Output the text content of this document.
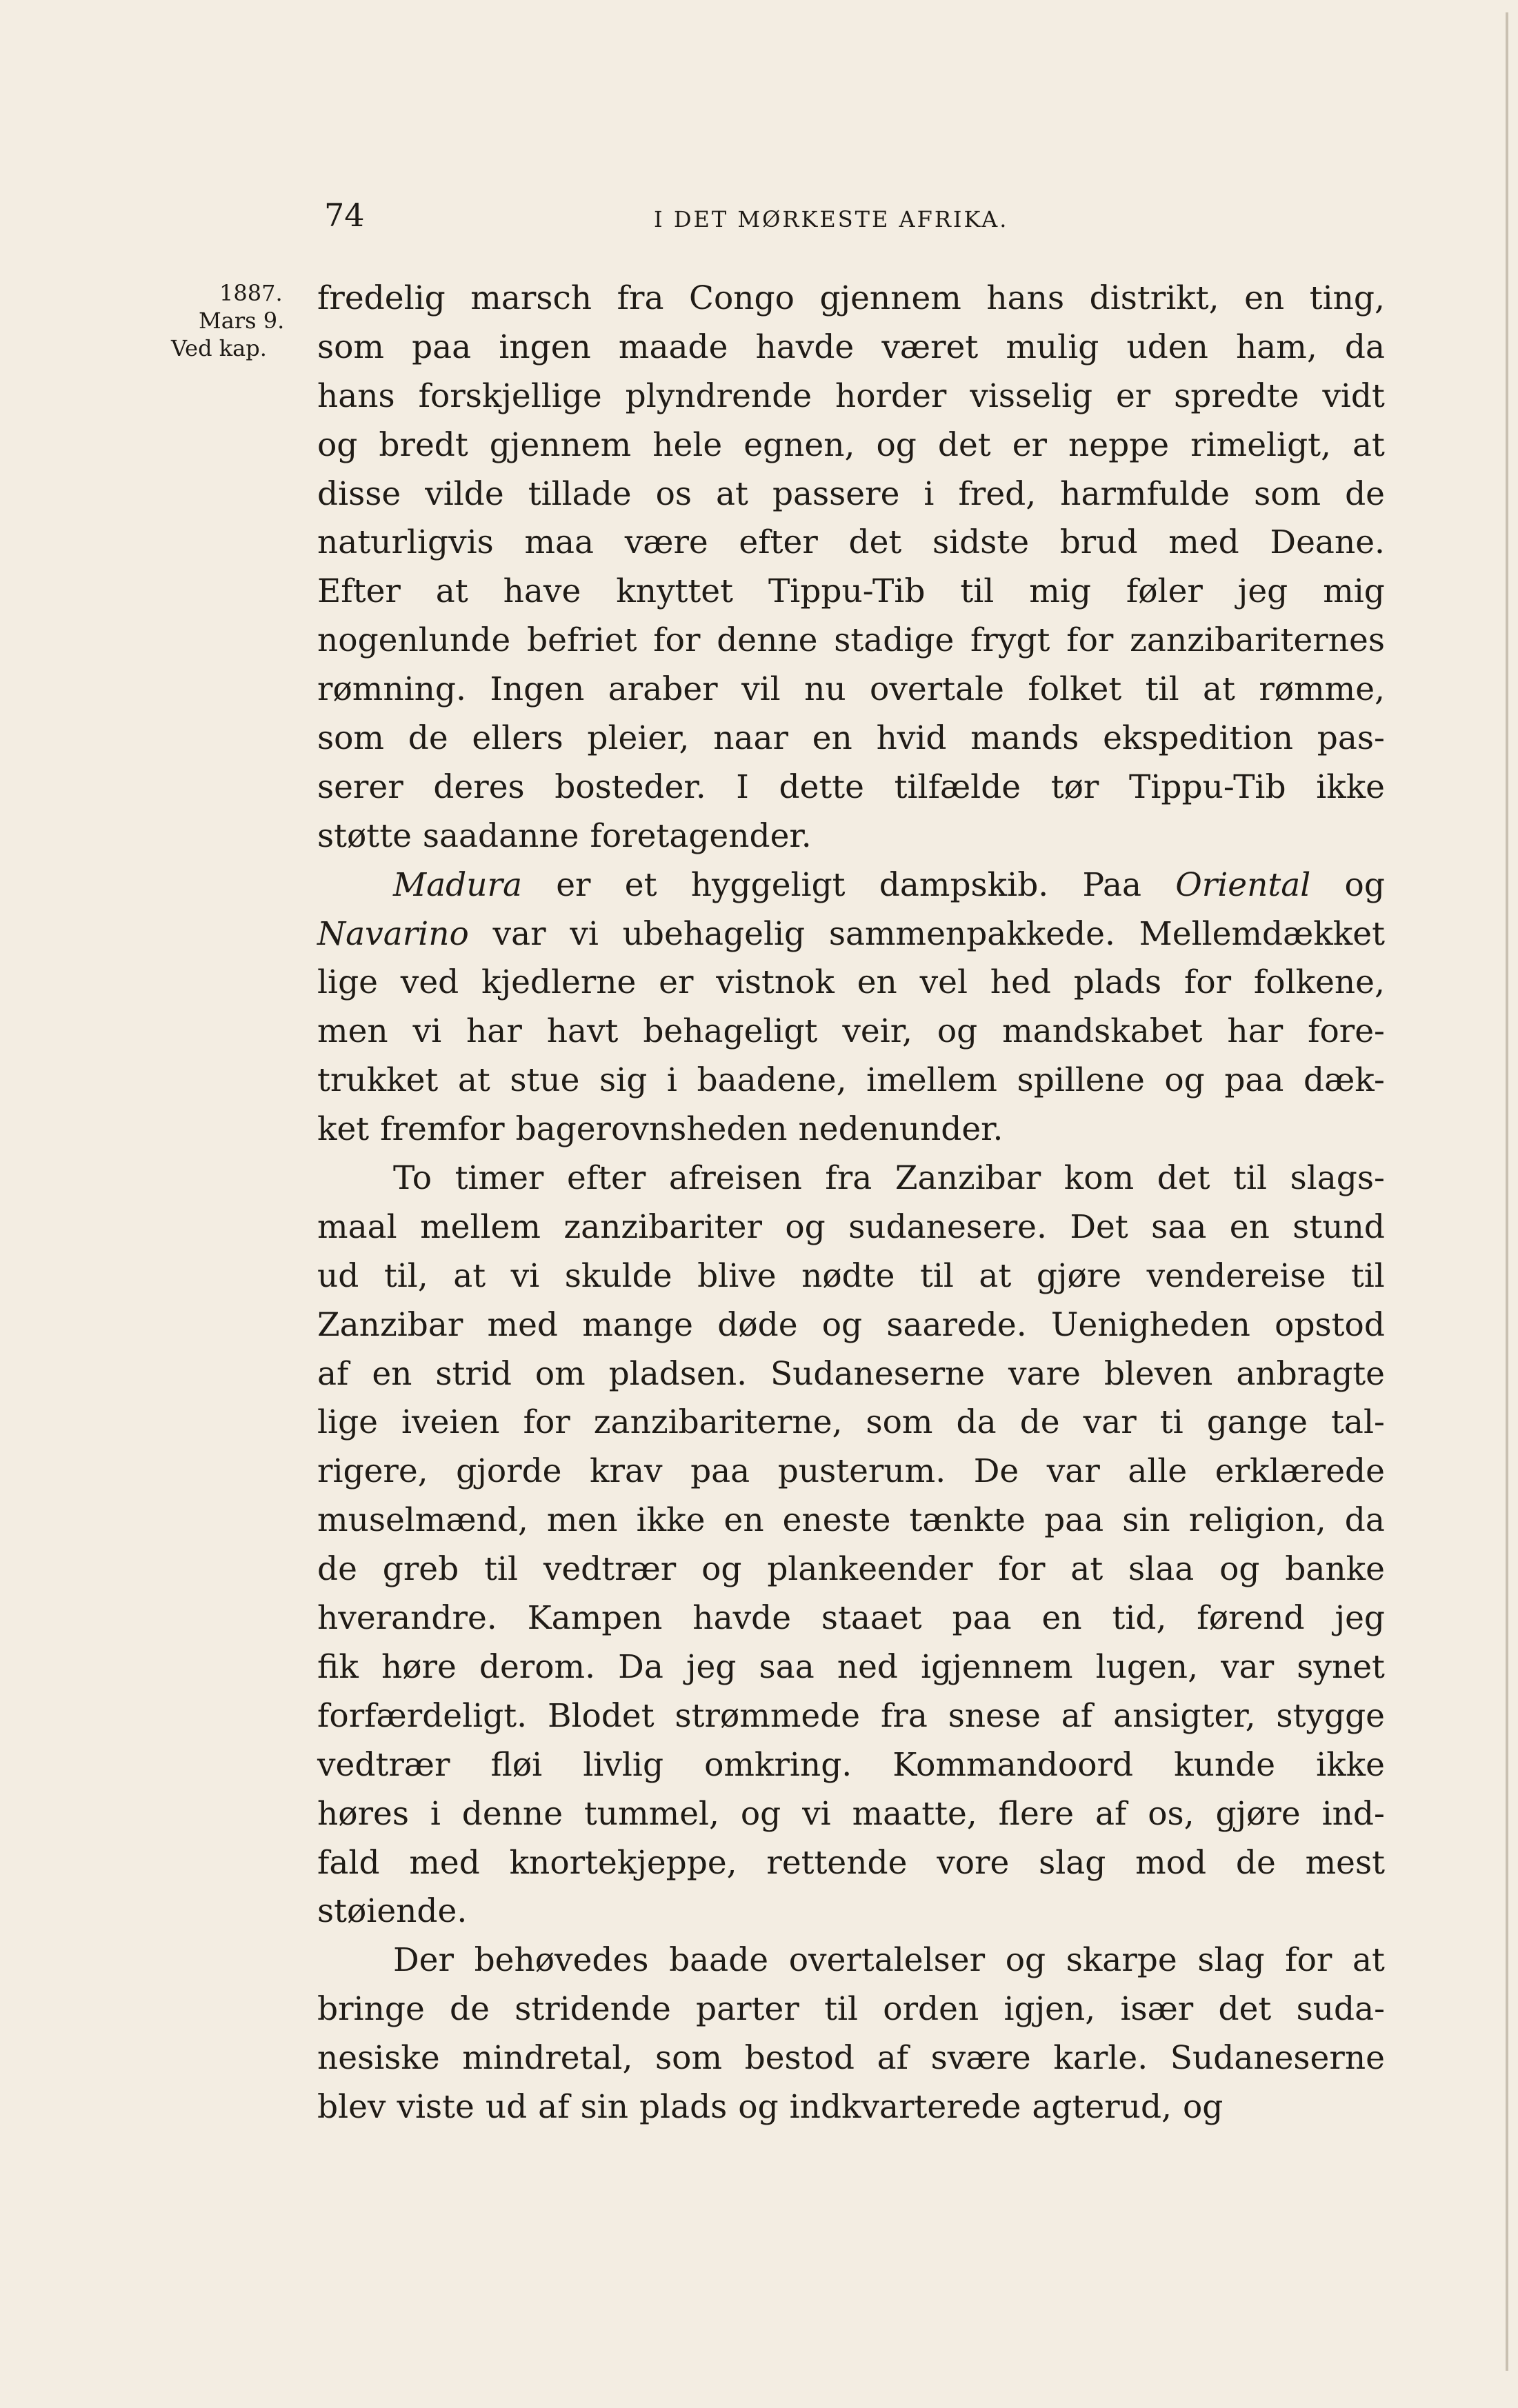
74	I DET MØRKESTE AFRIKA.
1887.
Mars 9.
Ved kap.
fredelig marsch fra Congo gjennem hans distrikt, en ting,
som paa ingen maade havde været mulig uden ham, da
hans forskjellige plyndrende horder visselig er spredte vidt
og bredt gjennem hele egnen, og det er neppe rimeligt, at
disse vilde tillade os at passere i fred, harmfulde som de
naturligvis maa være efter det sidste brud med Deane.
Efter at have knyttet Tippu-Tib til mig føler jeg mig
nogenlunde befriet for denne stadige frygt for zanzibariternes
rømning. Ingen araber vil nu overtale folket til at rømme,
som de ellers pleier, naar en hvid mands ekspedition pas-
serer deres bosteder. I dette tilfælde tør Tippu-Tib ikke
støtte saadanne foretagender.
Madura er et hyggeligt dampskib. Paa Oriental og
Navarino var vi ubehagelig sammenpakkede. Mellemdækket
lige ved kjedlerne er vistnok en vel hed plads for folkene,
men vi har havt behageligt veir, og mandskabet har fore-
trukket at stue sig i baadene, imellem spillene og paa dæk-
ket fremfor bagerovnsheden nedenunder.
To timer efter afreisen fra Zanzibar kom det til slags-
maal mellem zanzibariter og sudanesere. Det saa en stund
ud til, at vi skulde blive nødte til at gjøre vendereise til
Zanzibar med mange døde og saarede. Uenigheden opstod
af en strid om pladsen. Sudaneserne vare bleven anbragte
lige iveien for zanzibariterne, som da de var ti gange tal-
rigere, gjorde krav paa pusterum. De var alle erklærede
muselmænd, men ikke en eneste tænkte paa sin religion, da
de greb til vedtrær og plankeender for at slaa og banke
hverandre. Kampen havde staaet paa en tid, førend jeg
fik høre derom. Da jeg saa ned igjennem lugen, var synet
forfærdeligt. Blodet strømmede fra snese af ansigter, stygge
vedtrær fløi livlig omkring. Kommandoord kunde ikke
høres i denne tummel, og vi maatte, flere af os, gjøre ind-
fald med knortekjeppe, rettende vore slag mod de mest
støiende.
Der behøvedes baade overtalelser og skarpe slag for at
bringe de stridende parter til orden igjen, især det suda-
nesiske mindretal, som bestod af svære karle. Sudaneserne
blev viste ud af sin plads og indkvarterede agterud, og
